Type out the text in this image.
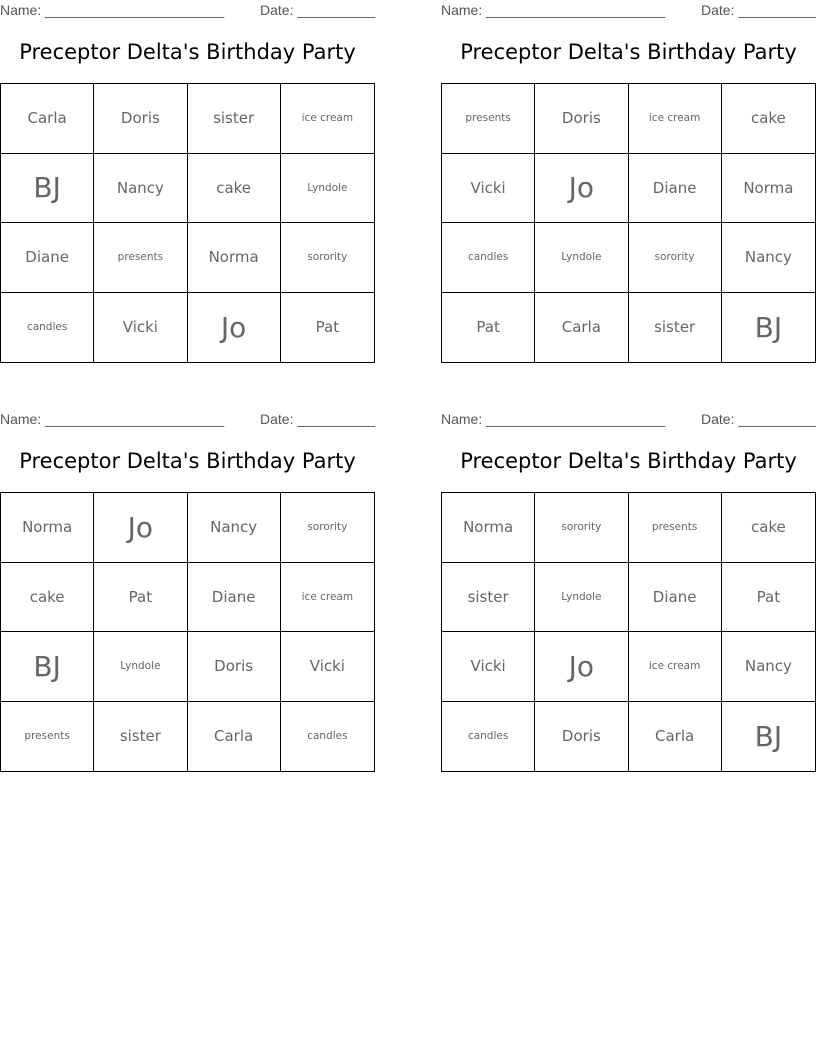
Name: _______________________	Date: __________
Preceptor Delta's Birthday Party
Carla	Doris	sister	ice cream
BJ	Nancy	cake	Lyndole
Diane	presents	Norma	sorority
candles	Vicki	Jo	Pat
Name: _______________________	Date: __________
Preceptor Delta's Birthday Party
presents	Doris	ice cream	cake
Vicki	Jo	Diane	Norma
candles	Lyndole	sorority	Nancy
Pat	Carla	sister	BJ
Name: _______________________	Date: __________
Preceptor Delta's Birthday Party
Norma	Jo	Nancy	sorority
cake	Pat	Diane	ice cream
BJ	Lyndole	Doris	Vicki
presents	sister	Carla	candles
Name: _______________________	Date: __________
Preceptor Delta's Birthday Party
Norma	sorority	presents	cake
sister	Lyndole	Diane	Pat
Vicki	Jo	ice cream	Nancy
candles	Doris	Carla	BJ
